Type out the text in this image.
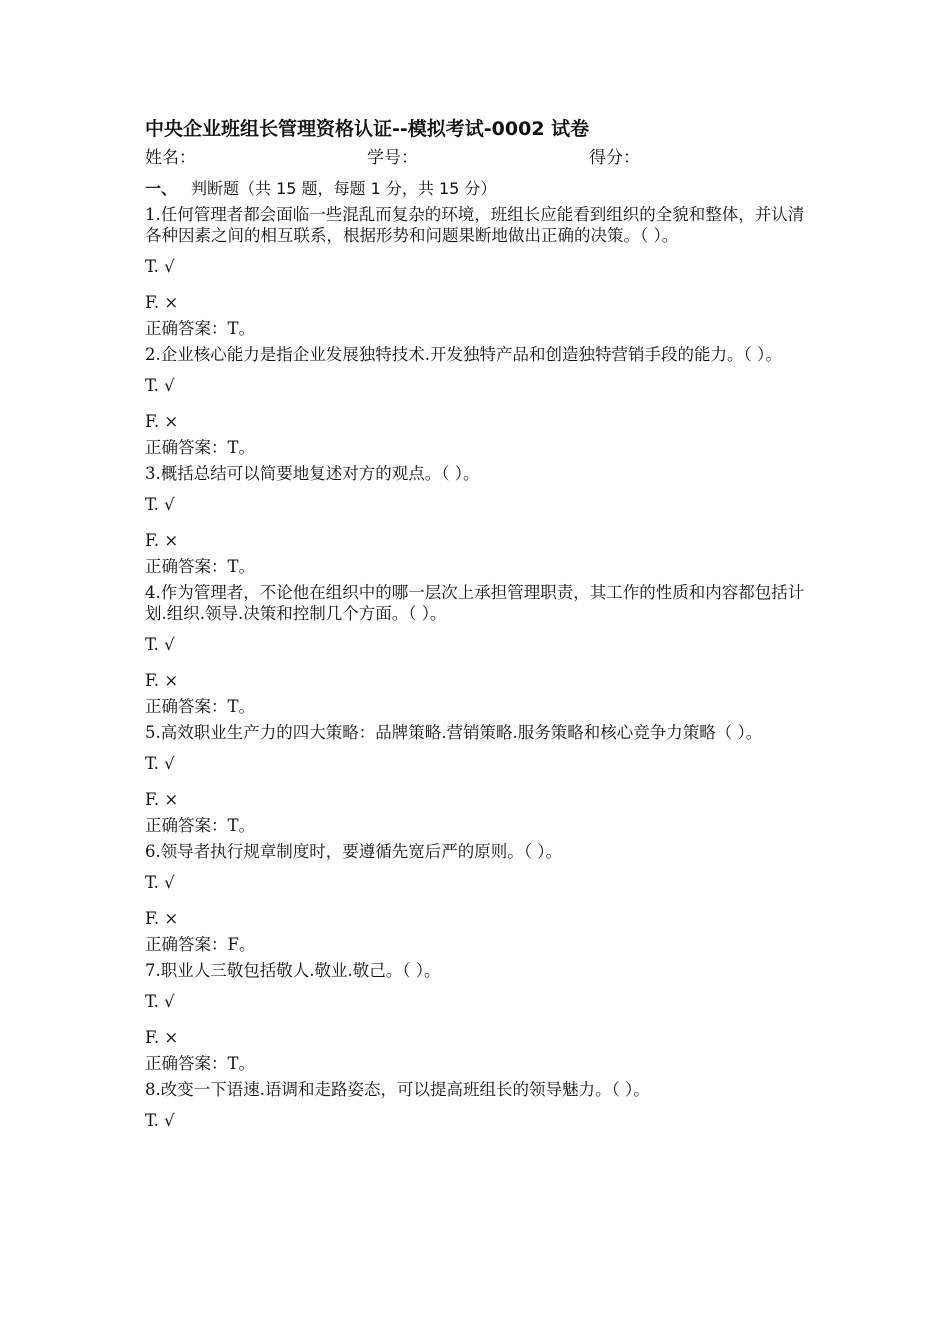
中央企业班组长管理资格认证--模拟考试-0002 试卷
姓名：	学号：	得分：
一、 判断题（共 15 题，每题 1 分，共 15 分）
1.任何管理者都会面临一些混乱而复杂的环境，班组长应能看到组织的全貌和整体，并认清各种因素之间的相互联系，根据形势和问题果断地做出正确的决策。（ ）。
T. √
F. ×
正确答案：T。
2.企业核心能力是指企业发展独特技术.开发独特产品和创造独特营销手段的能力。（ ）。
T. √
F. ×
正确答案：T。
3.概括总结可以简要地复述对方的观点。（ ）。
T. √
F. ×
正确答案：T。
4.作为管理者，不论他在组织中的哪一层次上承担管理职责，其工作的性质和内容都包括计划.组织.领导.决策和控制几个方面。（ ）。
T. √
F. ×
正确答案：T。
5.高效职业生产力的四大策略：品牌策略.营销策略.服务策略和核心竞争力策略（ ）。
T. √
F. ×
正确答案：T。
6.领导者执行规章制度时，要遵循先宽后严的原则。（ ）。
T. √
F. ×
正确答案：F。
7.职业人三敬包括敬人.敬业.敬己。（ ）。
T. √
F. ×
正确答案：T。
8.改变一下语速.语调和走路姿态，可以提高班组长的领导魅力。（ ）。
T. √
